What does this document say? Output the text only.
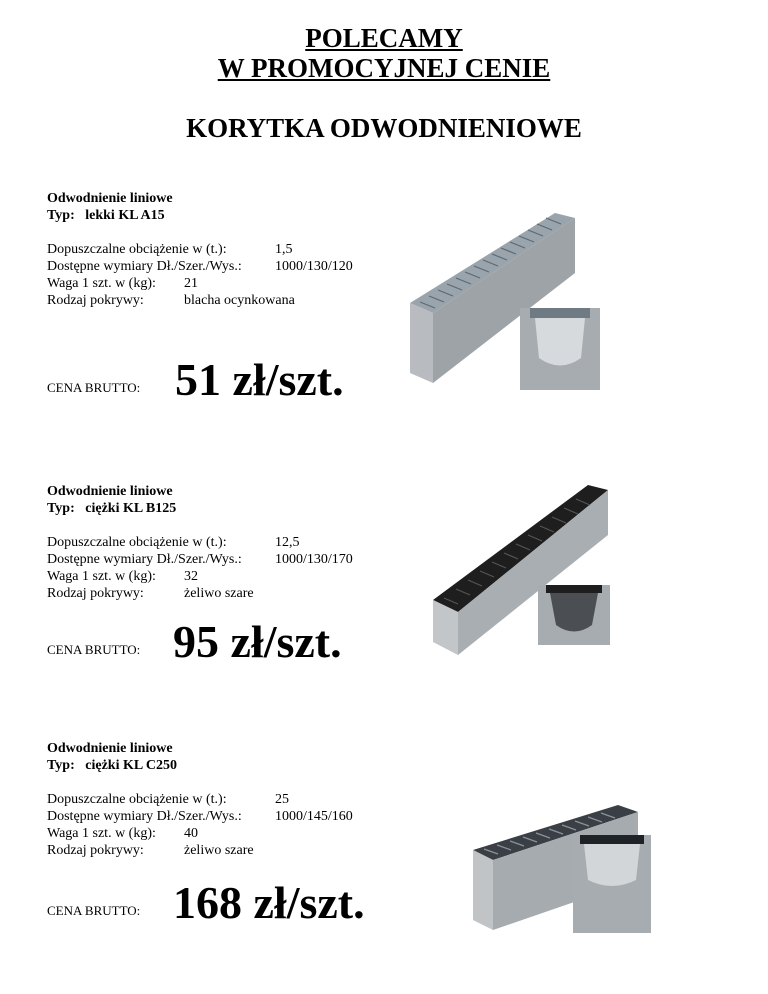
POLECAMY
W PROMOCYJNEJ CENIE
KORYTKA ODWODNIENIOWE
Odwodnienie liniowe
Typ: lekki KL A15
Dopuszczalne obciążenie w (t.):	1,5
Dostępne wymiary Dł./Szer./Wys.: 1000/130/120
Waga 1 szt. w (kg): 21
Rodzaj pokrywy:	blacha ocynkowana
CENA BRUTTO: 51 zł/szt.
Odwodnienie liniowe
Typ: ciężki KL B125
Dopuszczalne obciążenie w (t.):	12,5
Dostępne wymiary Dł./Szer./Wys.: 1000/130/170
Waga 1 szt. w (kg): 32
Rodzaj pokrywy:	żeliwo szare
CENA BRUTTO: 95 zł/szt.
Odwodnienie liniowe
Typ: ciężki KL C250
Dopuszczalne obciążenie w (t.):	25
Dostępne wymiary Dł./Szer./Wys.: 1000/145/160
Waga 1 szt. w (kg): 40
Rodzaj pokrywy:	żeliwo szare
CENA BRUTTO: 168 zł/szt.
